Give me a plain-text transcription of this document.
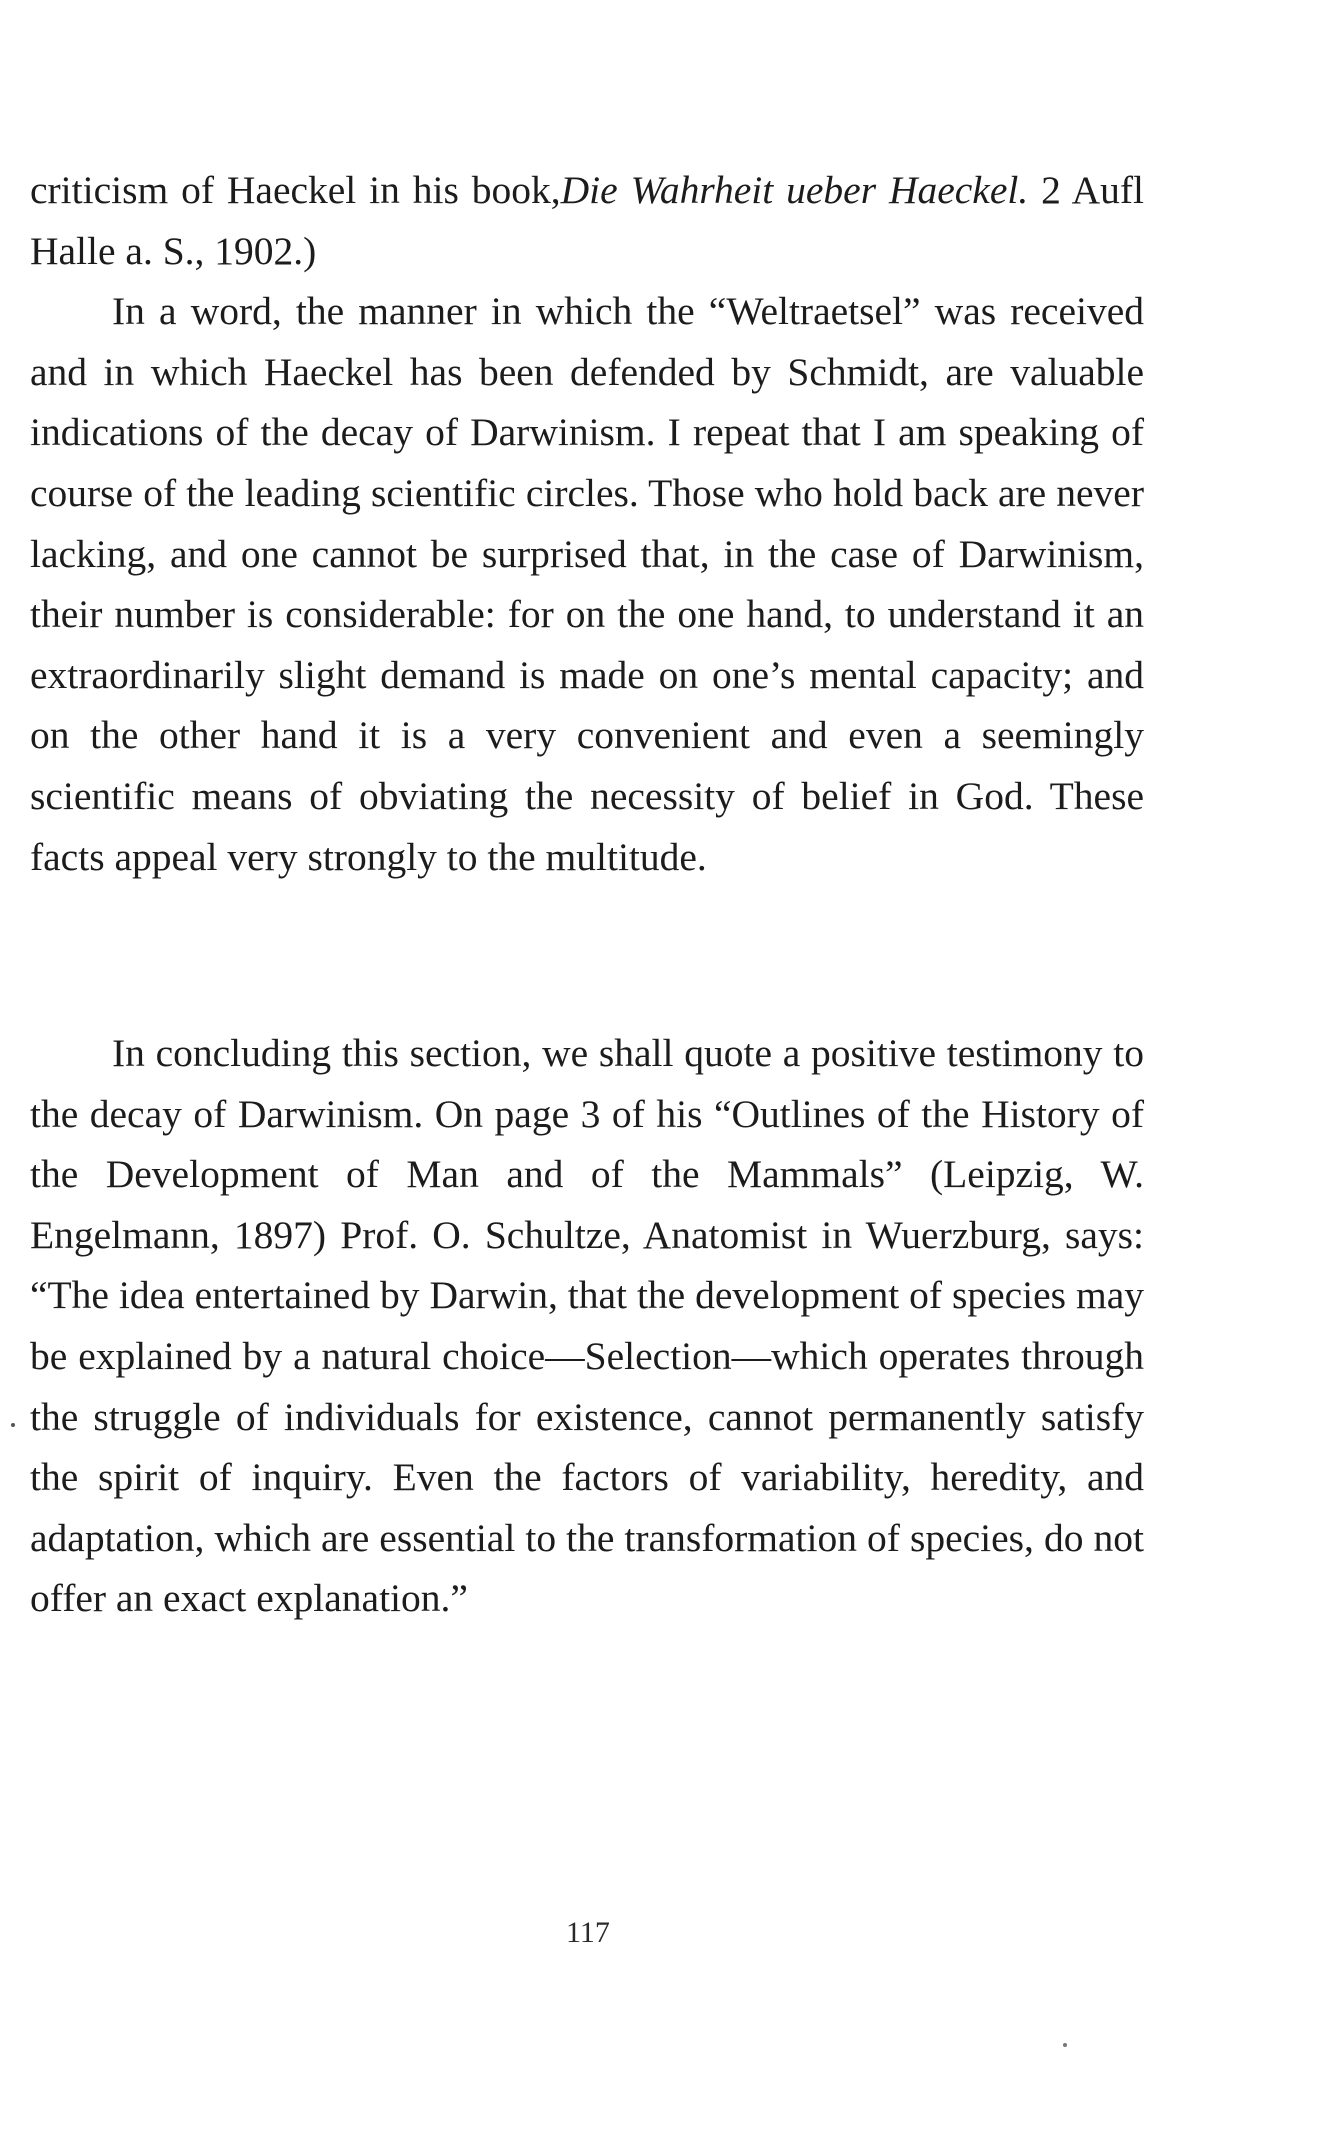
criticism of Haeckel in his book,Die Wahrheit ueber Haeckel. 2 Aufl Halle a. S., 1902.)

In a word, the manner in which the “Weltraetsel” was received and in which Haeckel has been defended by Schmidt, are valuable indications of the decay of Darwinism. I repeat that I am speaking of course of the leading scientific circles. Those who hold back are never lacking, and one cannot be surprised that, in the case of Darwinism, their number is considerable: for on the one hand, to understand it an extraordinarily slight demand is made on one’s mental capacity; and on the other hand it is a very convenient and even a seemingly scientific means of obviating the necessity of belief in God. These facts appeal very strongly to the multitude.

In concluding this section, we shall quote a positive testimony to the decay of Darwinism. On page 3 of his “Outlines of the History of the Development of Man and of the Mammals” (Leipzig, W. Engelmann, 1897) Prof. O. Schultze, Anatomist in Wuerzburg, says: “The idea entertained by Darwin, that the development of species may be explained by a natural choice—Selection—which operates through the struggle of individuals for existence, cannot permanently satisfy the spirit of inquiry. Even the factors of variability, heredity, and adaptation, which are essential to the transformation of species, do not offer an exact explanation.”

117
